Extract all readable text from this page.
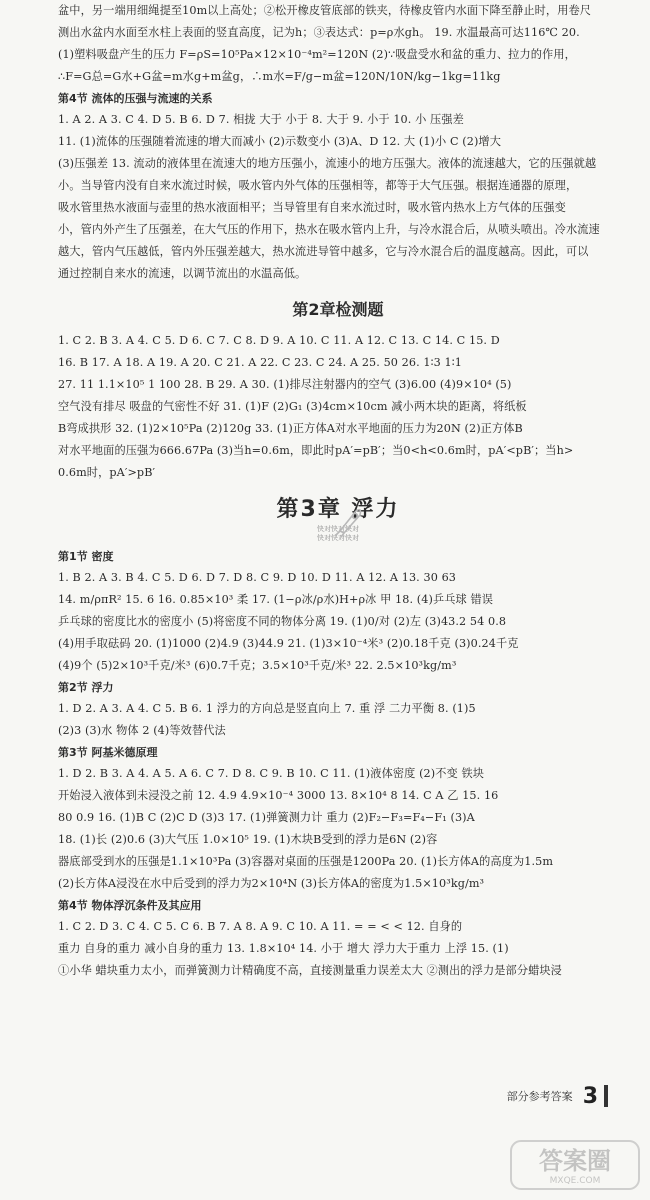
盆中，另一端用细绳提至10m以上高处；②松开橡皮管底部的铁夹，待橡皮管内水面下降至静止时，用卷尺

测出水盆内水面至水柱上表面的竖直高度，记为h；③表达式：p=ρ水gh。 19. 水温最高可达116℃ 20.

(1)塑料吸盘产生的压力 F=ρS=10⁵Pa×12×10⁻⁴m²=120N (2)∵吸盘受水和盆的重力、拉力的作用，

∴F=G总=G水+G盆=m水g+m盆g，∴m水=F/g−m盆=120N/10N/kg−1kg=11kg

第4节 流体的压强与流速的关系

1. A 2. A 3. C 4. D 5. B 6. D 7. 相拢 大于 小于 8. 大于 9. 小于 10. 小 压强差

11. (1)流体的压强随着流速的增大而减小 (2)示数变小 (3)A、D 12. 大 (1)小 C (2)增大

(3)压强差 13. 流动的液体里在流速大的地方压强小，流速小的地方压强大。液体的流速越大，它的压强就越

小。当导管内没有自来水流过时候，吸水管内外气体的压强相等，都等于大气压强。根据连通器的原理，

吸水管里热水液面与壶里的热水液面相平；当导管里有自来水流过时，吸水管内热水上方气体的压强变

小，管内外产生了压强差，在大气压的作用下，热水在吸水管内上升，与冷水混合后，从喷头喷出。冷水流速

越大，管内气压越低，管内外压强差越大，热水流进导管中越多，它与冷水混合后的温度越高。因此，可以

通过控制自来水的流速，以调节流出的水温高低。

第2章检测题

1. C 2. B 3. A 4. C 5. D 6. C 7. C 8. D 9. A 10. C 11. A 12. C 13. C 14. C 15. D

16. B 17. A 18. A 19. A 20. C 21. A 22. C 23. C 24. A 25. 50 26. 1∶3 1∶1

27. 11 1.1×10⁵ 1 100 28. B 29. A 30. (1)排尽注射器内的空气 (3)6.00 (4)9×10⁴ (5)

空气没有排尽 吸盘的气密性不好 31. (1)F (2)G₁ (3)4cm×10cm 减小两木块的距离，将纸板

B弯成拱形 32. (1)2×10⁵Pa (2)120g 33. (1)正方体A对水平地面的压力为20N (2)正方体B

对水平地面的压强为666.67Pa (3)当h=0.6m，即此时pA′=pB′；当0<h<0.6m时，pA′<pB′；当h>

0.6m时，pA′>pB′

第3章 浮力
快对快对快对
快对快对快对
第1节 密度

1. B 2. A 3. B 4. C 5. D 6. D 7. D 8. C 9. D 10. D 11. A 12. A 13. 30 63

14. m/ρπR² 15. 6 16. 0.85×10³ 柔 17. (1−ρ冰/ρ水)H+ρ冰 甲 18. (4)乒乓球 错误

乒乓球的密度比水的密度小 (5)将密度不同的物体分离 19. (1)0/对 (2)左 (3)43.2 54 0.8

(4)用手取砝码 20. (1)1000 (2)4.9 (3)44.9 21. (1)3×10⁻⁴米³ (2)0.18千克 (3)0.24千克

(4)9个 (5)2×10³千克/米³ (6)0.7千克；3.5×10³千克/米³ 22. 2.5×10³kg/m³

第2节 浮力

1. D 2. A 3. A 4. C 5. B 6. 1 浮力的方向总是竖直向上 7. 重 浮 二力平衡 8. (1)5

(2)3 (3)水 物体 2 (4)等效替代法

第3节 阿基米德原理

1. D 2. B 3. A 4. A 5. A 6. C 7. D 8. C 9. B 10. C 11. (1)液体密度 (2)不变 铁块

开始浸入液体到未浸没之前 12. 4.9 4.9×10⁻⁴ 3000 13. 8×10⁴ 8 14. C A 乙 15. 16

80 0.9 16. (1)B C (2)C D (3)3 17. (1)弹簧测力计 重力 (2)F₂−F₃=F₄−F₁ (3)A

18. (1)长 (2)0.6 (3)大气压 1.0×10⁵ 19. (1)木块B受到的浮力是6N (2)容

器底部受到水的压强是1.1×10³Pa (3)容器对桌面的压强是1200Pa 20. (1)长方体A的高度为1.5m

(2)长方体A浸没在水中后受到的浮力为2×10⁴N (3)长方体A的密度为1.5×10³kg/m³

第4节 物体浮沉条件及其应用

1. C 2. D 3. C 4. C 5. C 6. B 7. A 8. A 9. C 10. A 11. = = < < 12. 自身的

重力 自身的重力 减小自身的重力 13. 1.8×10⁴ 14. 小于 增大 浮力大于重力 上浮 15. (1)

①小华 蜡块重力太小，而弹簧测力计精确度不高，直接测量重力误差太大 ②测出的浮力是部分蜡块浸

部分参考答案 3
答案圈
MXQE.COM
